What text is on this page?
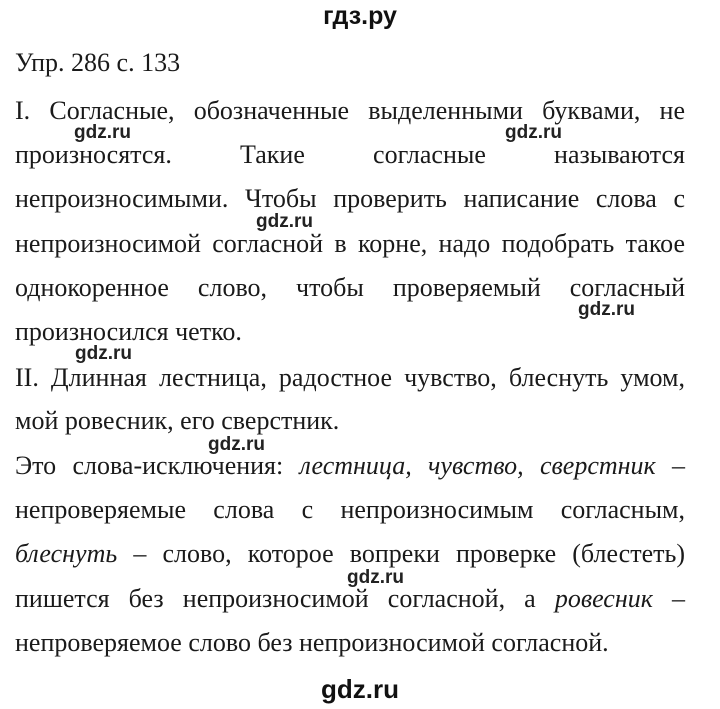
гдз.ру
Упр. 286 с. 133
I. Согласные, обозначенные выделенными буквами, не
произносятся. Такие согласные называются
непроизносимыми. Чтобы проверить написание слова с
непроизносимой согласной в корне, надо подобрать такое
однокоренное слово, чтобы проверяемый согласный
произносился четко.
II. Длинная лестница, радостное чувство, блеснуть умом,
мой ровесник, его сверстник.
Это слова-исключения: лестница, чувство, сверстник –
непроверяемые слова с непроизносимым согласным,
блеснуть – слово, которое вопреки проверке (блестеть)
пишется без непроизносимой согласной, а ровесник –
непроверяемое слово без непроизносимой согласной.
gdz.ru	gdz.ru
gdz.ru
gdz.ru
gdz.ru
gdz.ru
gdz.ru
gdz.ru
